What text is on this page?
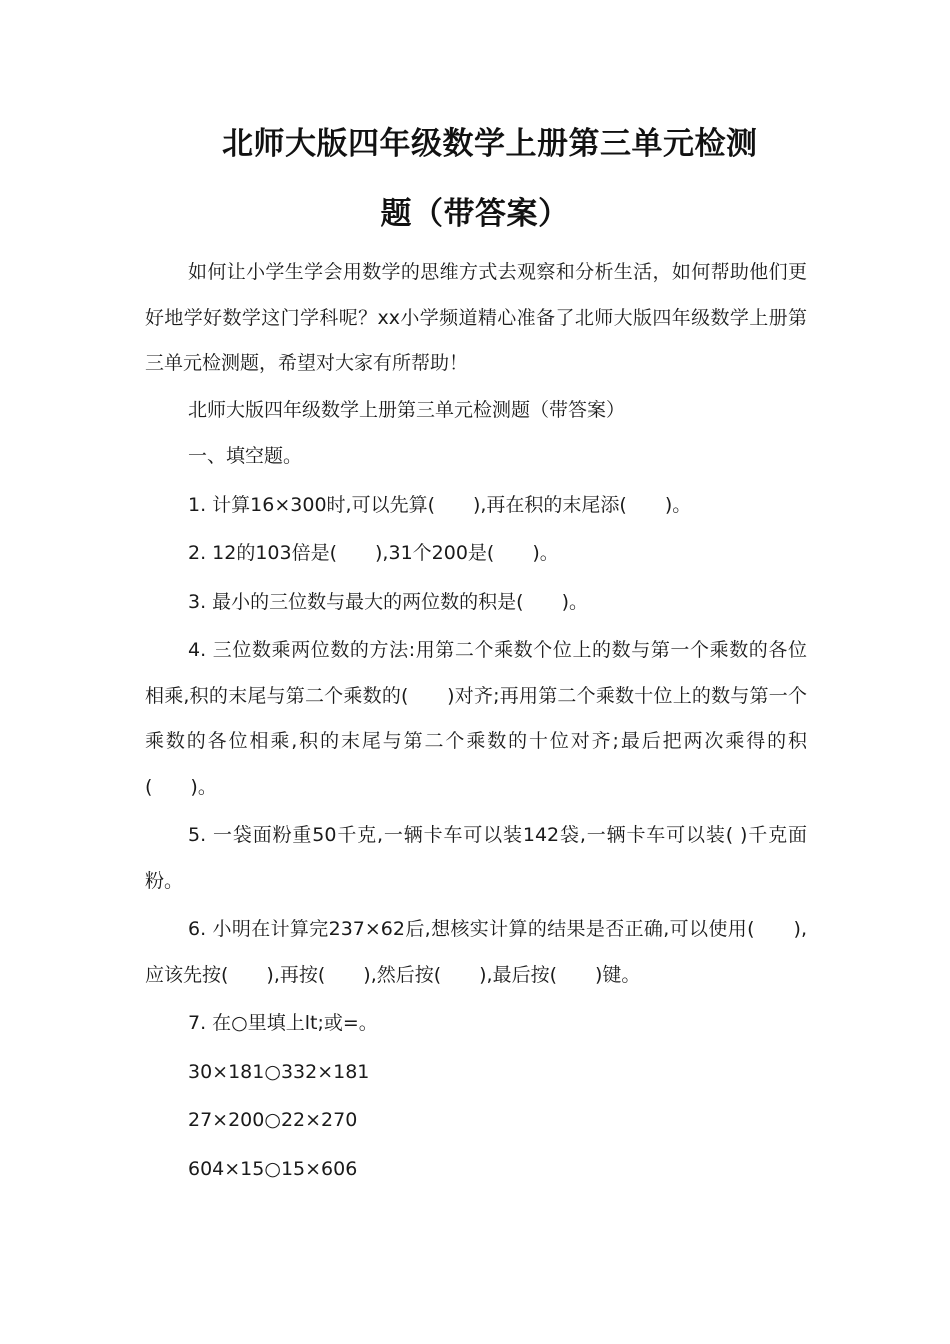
北师大版四年级数学上册第三单元检测
题（带答案）

如何让小学生学会用数学的思维方式去观察和分析生活，如何帮助他们更好地学好数学这门学科呢？xx小学频道精心准备了北师大版四年级数学上册第三单元检测题，希望对大家有所帮助！

北师大版四年级数学上册第三单元检测题（带答案）

一、填空题。

1. 计算16×300时,可以先算(　　),再在积的末尾添(　　)。

2. 12的103倍是(　　),31个200是(　　)。

3. 最小的三位数与最大的两位数的积是(　　)。

4. 三位数乘两位数的方法:用第二个乘数个位上的数与第一个乘数的各位相乘,积的末尾与第二个乘数的(　　)对齐;再用第二个乘数十位上的数与第一个乘数的各位相乘,积的末尾与第二个乘数的十位对齐;最后把两次乘得的积(　　)。

5. 一袋面粉重50千克,一辆卡车可以装142袋,一辆卡车可以装( )千克面粉。

6. 小明在计算完237×62后,想核实计算的结果是否正确,可以使用(　　),应该先按(　　),再按(　　),然后按(　　),最后按(　　)键。

7. 在○里填上lt;或=。

30×181○332×181

27×200○22×270

604×15○15×606
